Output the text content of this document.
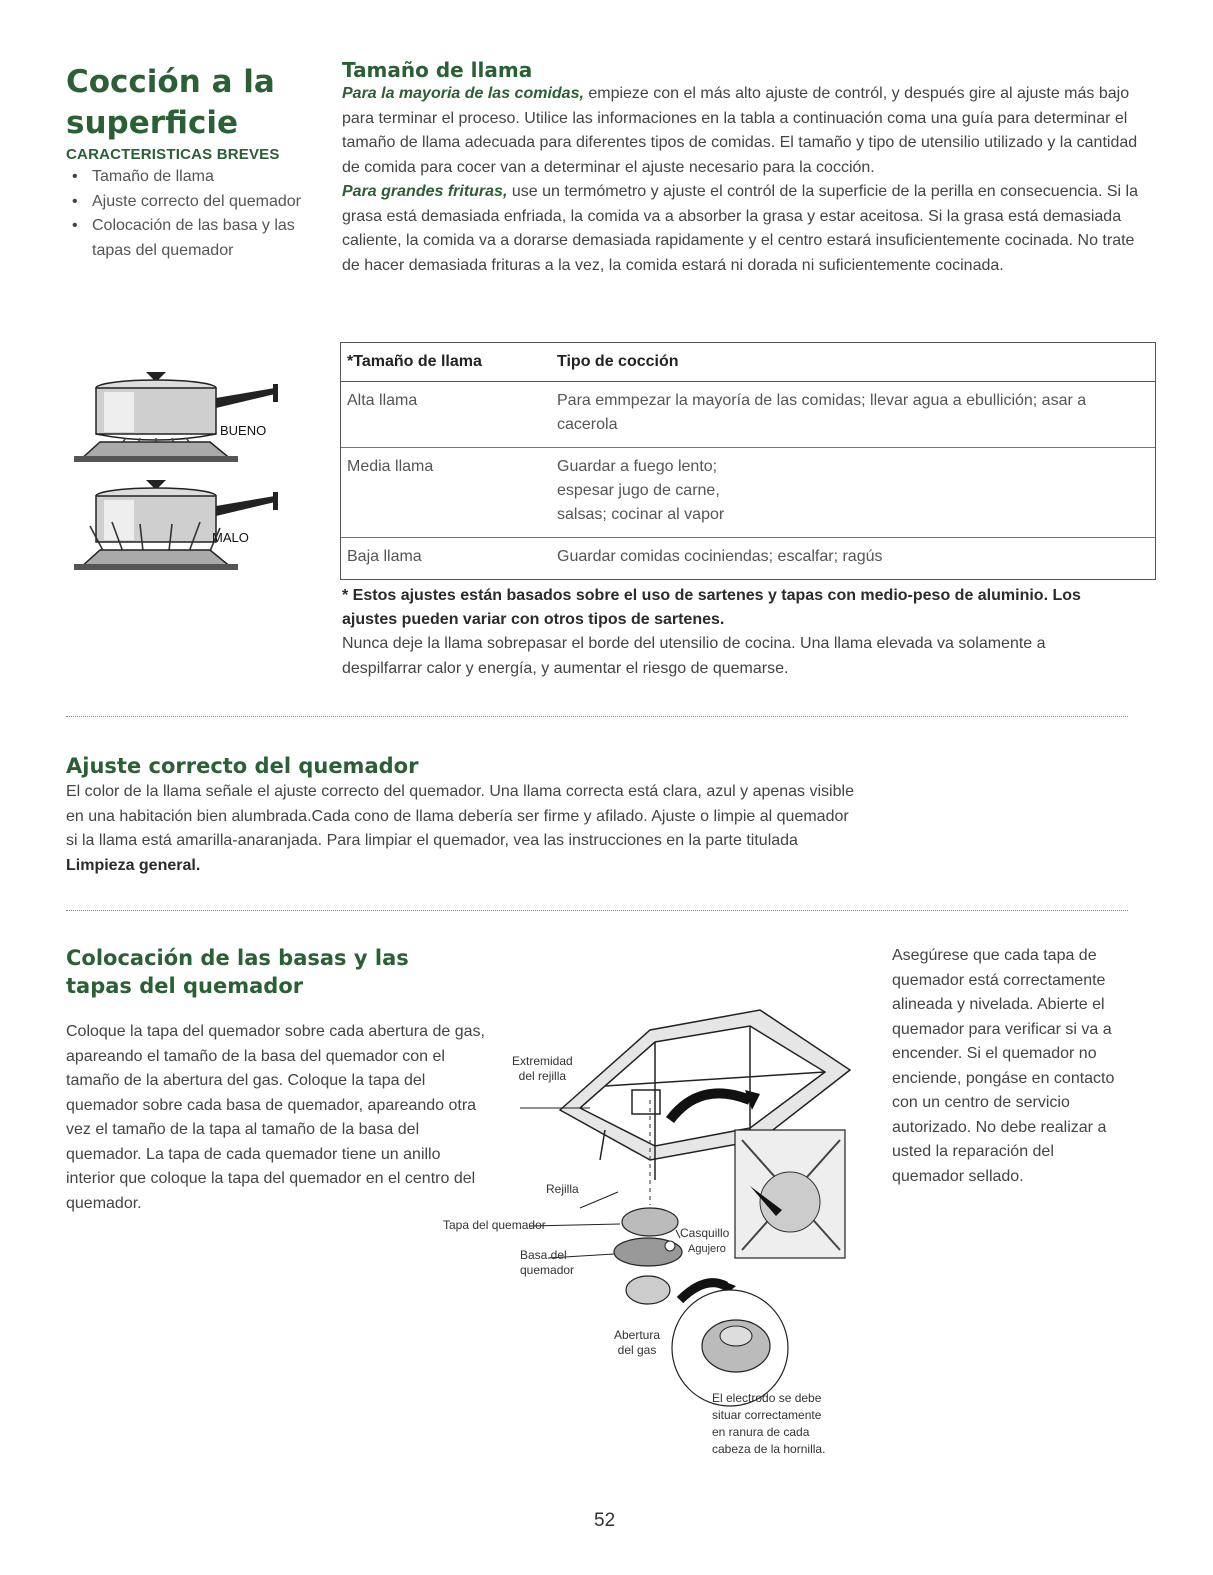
Cocción a la
superficie
CARACTERISTICAS BREVES
• Tamaño de llama
• Ajuste correcto del quemador
• Colocación de las basa y las tapas del quemador
Tamaño de llama
Para la mayoria de las comidas, empieze con el más alto ajuste de contról, y después gire al ajuste más bajo para terminar el proceso. Utilice las informaciones en la tabla a continuación coma una guía para determinar el tamaño de llama adecuada para diferentes tipos de comidas. El tamaño y tipo de utensilio utilizado y la cantidad de comida para cocer van a determinar el ajuste necesario para la cocción.
Para grandes frituras, use un termómetro y ajuste el contról de la superficie de la perilla en consecuencia. Si la grasa está demasiada enfriada, la comida va a absorber la grasa y estar aceitosa. Si la grasa está demasiada caliente, la comida va a dorarse demasiada rapidamente y el centro estará insuficientemente cocinada. No trate de hacer demasiada frituras a la vez, la comida estará ni dorada ni suficientemente cocinada.
*Tamaño de llama	Tipo de cocción
Alta llama	Para emmpezar la mayoría de las comidas; llevar agua a ebullición; asar a cacerola
Media llama	Guardar a fuego lento; espesar jugo de carne, salsas; cocinar al vapor
Baja llama	Guardar comidas cociniendas; escalfar; ragús
BUENO
MALO
* Estos ajustes están basados sobre el uso de sartenes y tapas con medio-peso de aluminio. Los ajustes pueden variar con otros tipos de sartenes.
Nunca deje la llama sobrepasar el borde del utensilio de cocina. Una llama elevada va solamente a despilfarrar calor y energía, y aumentar el riesgo de quemarse.
Ajuste correcto del quemador
El color de la llama señale el ajuste correcto del quemador. Una llama correcta está clara, azul y apenas visible en una habitación bien alumbrada.Cada cono de llama debería ser firme y afilado. Ajuste o limpie al quemador si la llama está amarilla-anaranjada. Para limpiar el quemador, vea las instrucciones en la parte titulada Limpieza general.
Colocación de las basas y las tapas del quemador
Coloque la tapa del quemador sobre cada abertura de gas, apareando el tamaño de la basa del quemador con el tamaño de la abertura del gas. Coloque la tapa del quemador sobre cada basa de quemador, apareando otra vez el tamaño de la tapa al tamaño de la basa del quemador. La tapa de cada quemador tiene un anillo interior que coloque la tapa del quemador en el centro del quemador.
Asegúrese que cada tapa de quemador está correctamente alineada y nivelada. Abierte el quemador para verificar si va a encender. Si el quemador no enciende, pongáse en contacto con un centro de servicio autorizado. No debe realizar a usted la reparación del quemador sellado.
Extremidad
del rejilla
Rejilla
Tapa del quemador
Basa del
quemador
Casquillo
Agujero
Abertura
del gas
El electrodo se debe
situar correctamente
en ranura de cada
cabeza de la hornilla.
52
